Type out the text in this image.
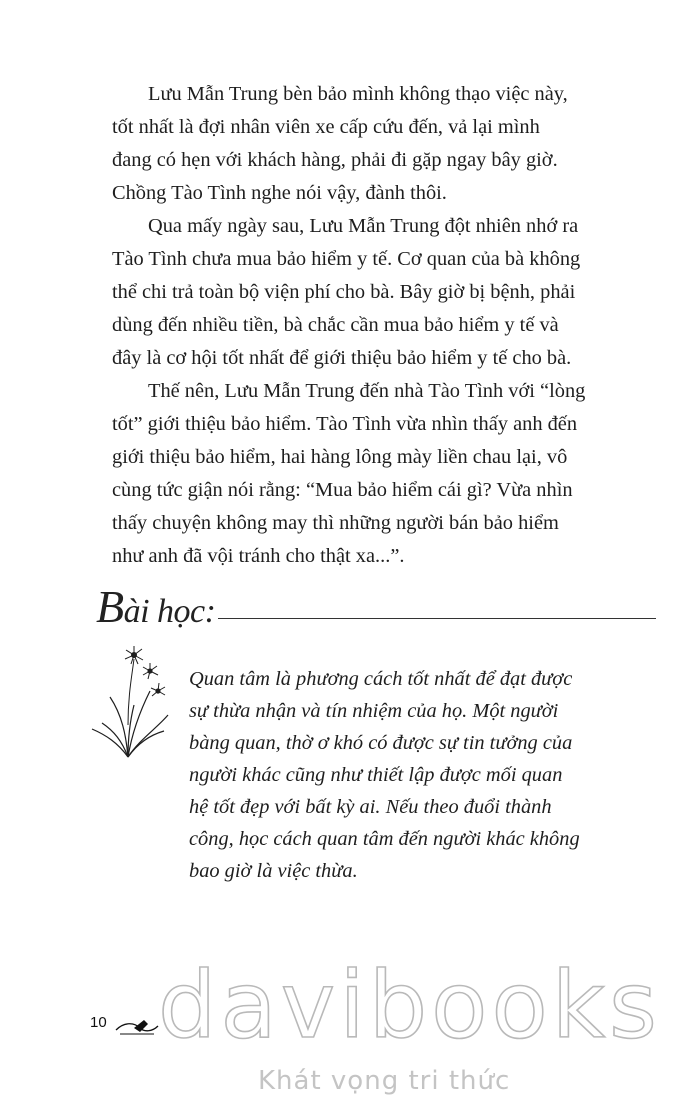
Lưu Mẫn Trung bèn bảo mình không thạo việc này,
tốt nhất là đợi nhân viên xe cấp cứu đến, vả lại mình
đang có hẹn với khách hàng, phải đi gặp ngay bây giờ.
Chồng Tào Tình nghe nói vậy, đành thôi.

Qua mấy ngày sau, Lưu Mẫn Trung đột nhiên nhớ ra
Tào Tình chưa mua bảo hiểm y tế. Cơ quan của bà không
thể chi trả toàn bộ viện phí cho bà. Bây giờ bị bệnh, phải
dùng đến nhiều tiền, bà chắc cần mua bảo hiểm y tế và
đây là cơ hội tốt nhất để giới thiệu bảo hiểm y tế cho bà.

Thế nên, Lưu Mẫn Trung đến nhà Tào Tình với “lòng
tốt” giới thiệu bảo hiểm. Tào Tình vừa nhìn thấy anh đến
giới thiệu bảo hiểm, hai hàng lông mày liền chau lại, vô
cùng tức giận nói rằng: “Mua bảo hiểm cái gì? Vừa nhìn
thấy chuyện không may thì những người bán bảo hiểm
như anh đã vội tránh cho thật xa...”.

Bài học:
Quan tâm là phương cách tốt nhất để đạt được
sự thừa nhận và tín nhiệm của họ. Một người
bàng quan, thờ ơ khó có được sự tin tưởng của
người khác cũng như thiết lập được mối quan
hệ tốt đẹp với bất kỳ ai. Nếu theo đuổi thành
công, học cách quan tâm đến người khác không
bao giờ là việc thừa.
10 davibooks
Khát vọng tri thức
